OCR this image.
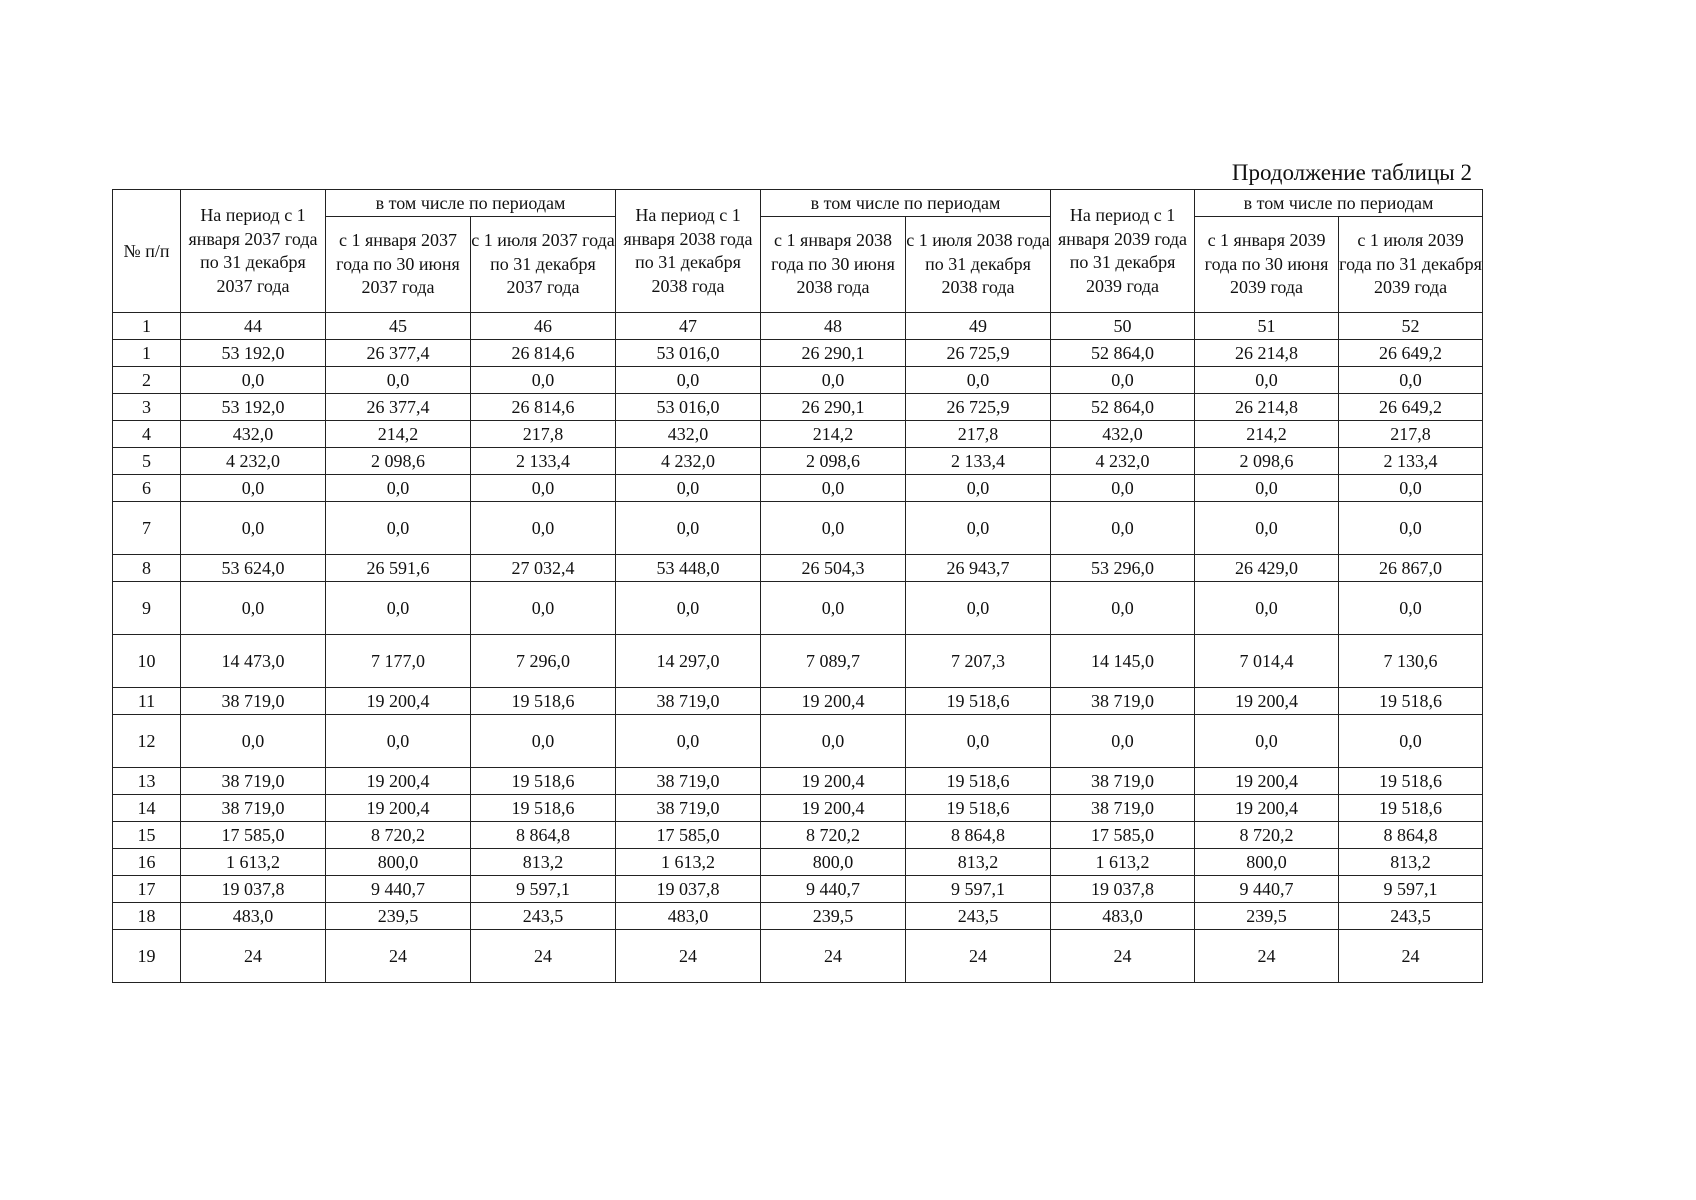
Продолжение таблицы 2
№ п/п	На период с 1 января 2037 года по 31 декабря 2037 года	в том числе по периодам		На период с 1 января 2038 года по 31 декабря 2038 года	в том числе по периодам		На период с 1 января 2039 года по 31 декабря 2039 года	в том числе по периодам	
		с 1 января 2037 года по 30 июня 2037 года	с 1 июля 2037 года по 31 декабря 2037 года		с 1 января 2038 года по 30 июня 2038 года	с 1 июля 2038 года по 31 декабря 2038 года		с 1 января 2039 года по 30 июня 2039 года	с 1 июля 2039 года по 31 декабря 2039 года
1	44	45	46	47	48	49	50	51	52
1	53 192,0	26 377,4	26 814,6	53 016,0	26 290,1	26 725,9	52 864,0	26 214,8	26 649,2
2	0,0	0,0	0,0	0,0	0,0	0,0	0,0	0,0	0,0
3	53 192,0	26 377,4	26 814,6	53 016,0	26 290,1	26 725,9	52 864,0	26 214,8	26 649,2
4	432,0	214,2	217,8	432,0	214,2	217,8	432,0	214,2	217,8
5	4 232,0	2 098,6	2 133,4	4 232,0	2 098,6	2 133,4	4 232,0	2 098,6	2 133,4
6	0,0	0,0	0,0	0,0	0,0	0,0	0,0	0,0	0,0
7	0,0	0,0	0,0	0,0	0,0	0,0	0,0	0,0	0,0
8	53 624,0	26 591,6	27 032,4	53 448,0	26 504,3	26 943,7	53 296,0	26 429,0	26 867,0
9	0,0	0,0	0,0	0,0	0,0	0,0	0,0	0,0	0,0
10	14 473,0	7 177,0	7 296,0	14 297,0	7 089,7	7 207,3	14 145,0	7 014,4	7 130,6
11	38 719,0	19 200,4	19 518,6	38 719,0	19 200,4	19 518,6	38 719,0	19 200,4	19 518,6
12	0,0	0,0	0,0	0,0	0,0	0,0	0,0	0,0	0,0
13	38 719,0	19 200,4	19 518,6	38 719,0	19 200,4	19 518,6	38 719,0	19 200,4	19 518,6
14	38 719,0	19 200,4	19 518,6	38 719,0	19 200,4	19 518,6	38 719,0	19 200,4	19 518,6
15	17 585,0	8 720,2	8 864,8	17 585,0	8 720,2	8 864,8	17 585,0	8 720,2	8 864,8
16	1 613,2	800,0	813,2	1 613,2	800,0	813,2	1 613,2	800,0	813,2
17	19 037,8	9 440,7	9 597,1	19 037,8	9 440,7	9 597,1	19 037,8	9 440,7	9 597,1
18	483,0	239,5	243,5	483,0	239,5	243,5	483,0	239,5	243,5
19	24	24	24	24	24	24	24	24	24
